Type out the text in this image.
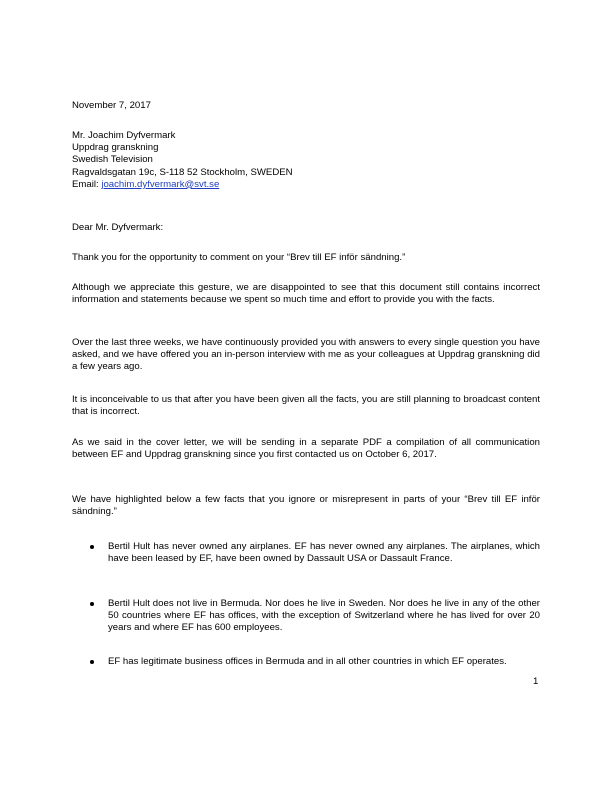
November 7, 2017
Mr. Joachim Dyfvermark
Uppdrag granskning
Swedish Television
Ragvaldsgatan 19c, S-118 52 Stockholm, SWEDEN
Email: joachim.dyfvermark@svt.se
Dear Mr. Dyfvermark:
Thank you for the opportunity to comment on your “Brev till EF inför sändning.”
Although we appreciate this gesture, we are disappointed to see that this document still contains incorrect information and statements because we spent so much time and effort to provide you with the facts.
Over the last three weeks, we have continuously provided you with answers to every single question you have asked, and we have offered you an in-person interview with me as your colleagues at Uppdrag granskning did a few years ago.
It is inconceivable to us that after you have been given all the facts, you are still planning to broadcast content that is incorrect.
As we said in the cover letter, we will be sending in a separate PDF a compilation of all communication between EF and Uppdrag granskning since you first contacted us on October 6, 2017.
We have highlighted below a few facts that you ignore or misrepresent in parts of your “Brev till EF inför sändning.”
Bertil Hult has never owned any airplanes. EF has never owned any airplanes. The airplanes, which have been leased by EF, have been owned by Dassault USA or Dassault France.
Bertil Hult does not live in Bermuda. Nor does he live in Sweden. Nor does he live in any of the other 50 countries where EF has offices, with the exception of Switzerland where he has lived for over 20 years and where EF has 600 employees.
EF has legitimate business offices in Bermuda and in all other countries in which EF operates.
1
